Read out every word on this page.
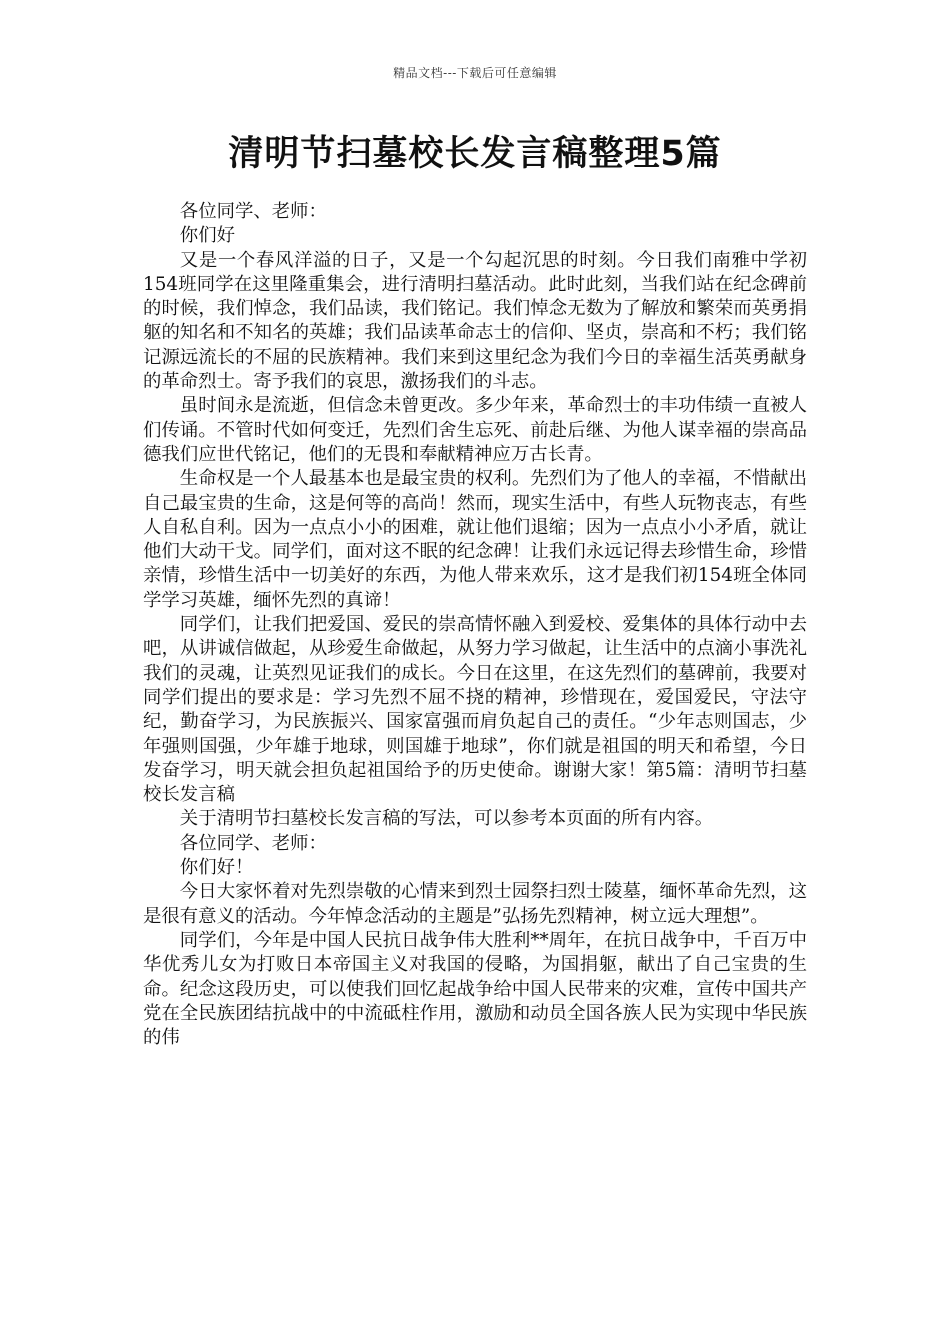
精品文档---下载后可任意编辑
清明节扫墓校长发言稿整理5篇

各位同学、老师：

你们好

又是一个春风洋溢的日子，又是一个勾起沉思的时刻。今日我们南雅中学初154班同学在这里隆重集会，进行清明扫墓活动。此时此刻，当我们站在纪念碑前的时候，我们悼念，我们品读，我们铭记。我们悼念无数为了解放和繁荣而英勇捐躯的知名和不知名的英雄；我们品读革命志士的信仰、坚贞，崇高和不朽；我们铭记源远流长的不屈的民族精神。我们来到这里纪念为我们今日的幸福生活英勇献身的革命烈士。寄予我们的哀思，激扬我们的斗志。

虽时间永是流逝，但信念未曾更改。多少年来，革命烈士的丰功伟绩一直被人们传诵。不管时代如何变迁，先烈们舍生忘死、前赴后继、为他人谋幸福的崇高品德我们应世代铭记，他们的无畏和奉献精神应万古长青。

生命权是一个人最基本也是最宝贵的权利。先烈们为了他人的幸福，不惜献出自己最宝贵的生命，这是何等的高尚！然而，现实生活中，有些人玩物丧志，有些人自私自利。因为一点点小小的困难，就让他们退缩；因为一点点小小矛盾，就让他们大动干戈。同学们，面对这不眠的纪念碑！让我们永远记得去珍惜生命，珍惜亲情，珍惜生活中一切美好的东西，为他人带来欢乐，这才是我们初154班全体同学学习英雄，缅怀先烈的真谛！

同学们，让我们把爱国、爱民的崇高情怀融入到爱校、爱集体的具体行动中去吧，从讲诚信做起，从珍爱生命做起，从努力学习做起，让生活中的点滴小事洗礼我们的灵魂，让英烈见证我们的成长。今日在这里，在这先烈们的墓碑前，我要对同学们提出的要求是：学习先烈不屈不挠的精神，珍惜现在，爱国爱民，守法守纪，勤奋学习，为民族振兴、国家富强而肩负起自己的责任。“少年志则国志，少年强则国强，少年雄于地球，则国雄于地球”，你们就是祖国的明天和希望，今日发奋学习，明天就会担负起祖国给予的历史使命。谢谢大家！第5篇：清明节扫墓校长发言稿

关于清明节扫墓校长发言稿的写法，可以参考本页面的所有内容。

各位同学、老师：

你们好！

今日大家怀着对先烈崇敬的心情来到烈士园祭扫烈士陵墓，缅怀革命先烈，这是很有意义的活动。今年悼念活动的主题是”弘扬先烈精神，树立远大理想”。

同学们，今年是中国人民抗日战争伟大胜利**周年，在抗日战争中，千百万中华优秀儿女为打败日本帝国主义对我国的侵略，为国捐躯，献出了自己宝贵的生命。纪念这段历史，可以使我们回忆起战争给中国人民带来的灾难，宣传中国共产党在全民族团结抗战中的中流砥柱作用，激励和动员全国各族人民为实现中华民族的伟
